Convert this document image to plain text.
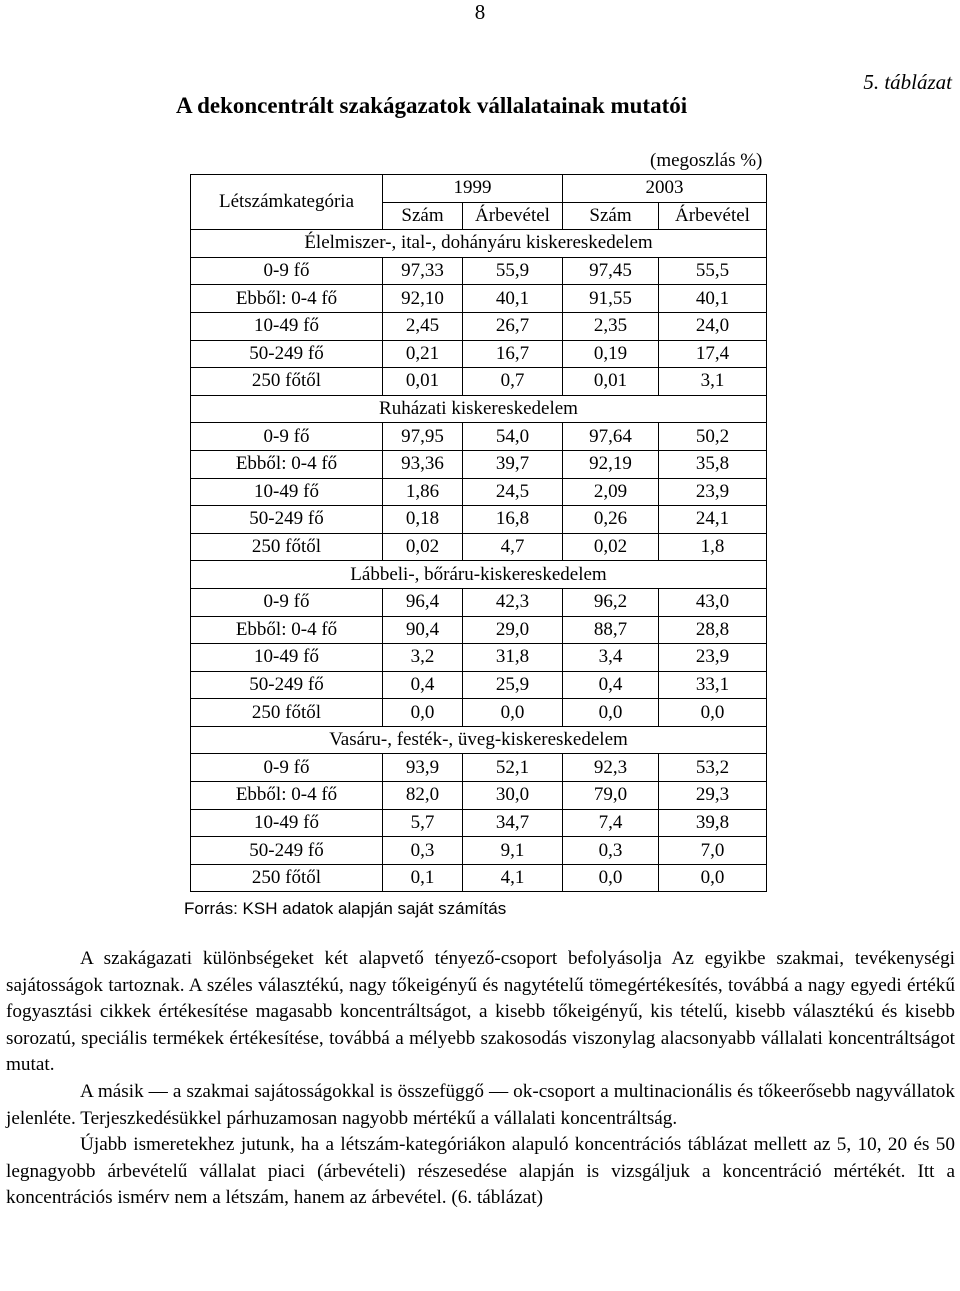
8
5. táblázat
A dekoncentrált szakágazatok vállalatainak mutatói
(megoszlás %)
Létszámkategória	1999		2003	
	Szám	Árbevétel	Szám	Árbevétel
Élelmiszer-, ital-, dohányáru kiskereskedelem				
0-9 fő	97,33	55,9	97,45	55,5
Ebből: 0-4 fő	92,10	40,1	91,55	40,1
10-49 fő	2,45	26,7	2,35	24,0
50-249 fő	0,21	16,7	0,19	17,4
250 főtől	0,01	0,7	0,01	3,1
Ruházati kiskereskedelem				
0-9 fő	97,95	54,0	97,64	50,2
Ebből: 0-4 fő	93,36	39,7	92,19	35,8
10-49 fő	1,86	24,5	2,09	23,9
50-249 fő	0,18	16,8	0,26	24,1
250 főtől	0,02	4,7	0,02	1,8
Lábbeli-, bőráru-kiskereskedelem				
0-9 fő	96,4	42,3	96,2	43,0
Ebből: 0-4 fő	90,4	29,0	88,7	28,8
10-49 fő	3,2	31,8	3,4	23,9
50-249 fő	0,4	25,9	0,4	33,1
250 főtől	0,0	0,0	0,0	0,0
Vasáru-, festék-, üveg-kiskereskedelem				
0-9 fő	93,9	52,1	92,3	53,2
Ebből: 0-4 fő	82,0	30,0	79,0	29,3
10-49 fő	5,7	34,7	7,4	39,8
50-249 fő	0,3	9,1	0,3	7,0
250 főtől	0,1	4,1	0,0	0,0
Forrás: KSH adatok alapján saját számítás

A szakágazati különbségeket két alapvető tényező-csoport befolyásolja Az egyikbe szakmai, tevékenységi sajátosságok tartoznak. A széles választékú, nagy tőkeigényű és nagytételű tömegértékesítés, továbbá a nagy egyedi értékű fogyasztási cikkek értékesítése magasabb koncentráltságot, a kisebb tőkeigényű, kis tételű, kisebb választékú és kisebb sorozatú, speciális termékek értékesítése, továbbá a mélyebb szakosodás viszonylag alacsonyabb vállalati koncentráltságot mutat.

A másik — a szakmai sajátosságokkal is összefüggő — ok-csoport a multinacionális és tőkeerősebb nagyvállatok jelenléte. Terjeszkedésükkel párhuzamosan nagyobb mértékű a vállalati koncentráltság.

Újabb ismeretekhez jutunk, ha a létszám-kategóriákon alapuló koncentrációs táblázat mellett az 5, 10, 20 és 50 legnagyobb árbevételű vállalat piaci (árbevételi) részesedése alapján is vizsgáljuk a koncentráció mértékét. Itt a koncentrációs ismérv nem a létszám, hanem az árbevétel. (6. táblázat)
